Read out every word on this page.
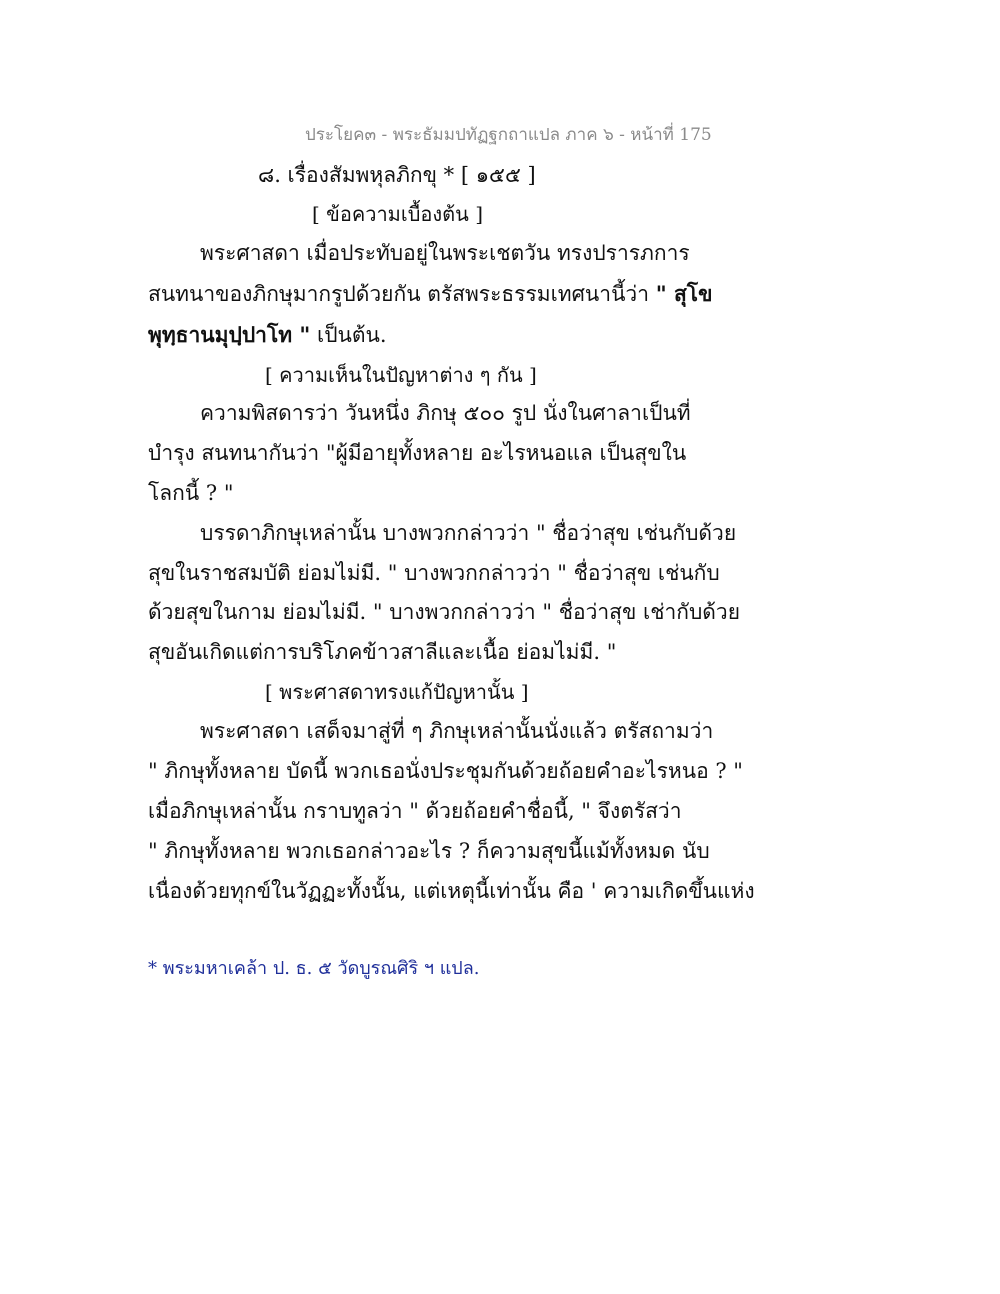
ประโยค๓ - พระธัมมปทัฏฐกถาแปล ภาค ๖ - หน้าที่ 175
๘. เรื่องสัมพหุลภิกขุ * [ ๑๕๕ ]
[ ข้อความเบื้องต้น ]
พระศาสดา เมื่อประทับอยู่ในพระเชตวัน ทรงปรารภการ
สนทนาของภิกษุมากรูปด้วยกัน ตรัสพระธรรมเทศนานี้ว่า " สุโข
พุทฺธานมุปฺปาโท " เป็นต้น.
[ ความเห็นในปัญหาต่าง ๆ กัน ]
ความพิสดารว่า วันหนึ่ง ภิกษุ ๕๐๐ รูป นั่งในศาลาเป็นที่
บำรุง สนทนากันว่า "ผู้มีอายุทั้งหลาย อะไรหนอแล เป็นสุขใน
โลกนี้ ? "
บรรดาภิกษุเหล่านั้น บางพวกกล่าวว่า " ชื่อว่าสุข เช่นกับด้วย
สุขในราชสมบัติ ย่อมไม่มี. " บางพวกกล่าวว่า " ชื่อว่าสุข เช่นกับ
ด้วยสุขในกาม ย่อมไม่มี. " บางพวกกล่าวว่า " ชื่อว่าสุข เช่ากับด้วย
สุขอันเกิดแต่การบริโภคข้าวสาลีและเนื้อ ย่อมไม่มี. "
[ พระศาสดาทรงแก้ปัญหานั้น ]
พระศาสดา เสด็จมาสู่ที่ ๆ ภิกษุเหล่านั้นนั่งแล้ว ตรัสถามว่า
" ภิกษุทั้งหลาย บัดนี้ พวกเธอนั่งประชุมกันด้วยถ้อยคำอะไรหนอ ? "
เมื่อภิกษุเหล่านั้น กราบทูลว่า " ด้วยถ้อยคำชื่อนี้, " จึงตรัสว่า
" ภิกษุทั้งหลาย พวกเธอกล่าวอะไร ? ก็ความสุขนี้แม้ทั้งหมด นับ
เนื่องด้วยทุกข์ในวัฏฏะทั้งนั้น, แต่เหตุนี้เท่านั้น คือ ' ความเกิดขึ้นแห่ง
* พระมหาเคล้า ป. ธ. ๕ วัดบูรณศิริ ฯ แปล.
